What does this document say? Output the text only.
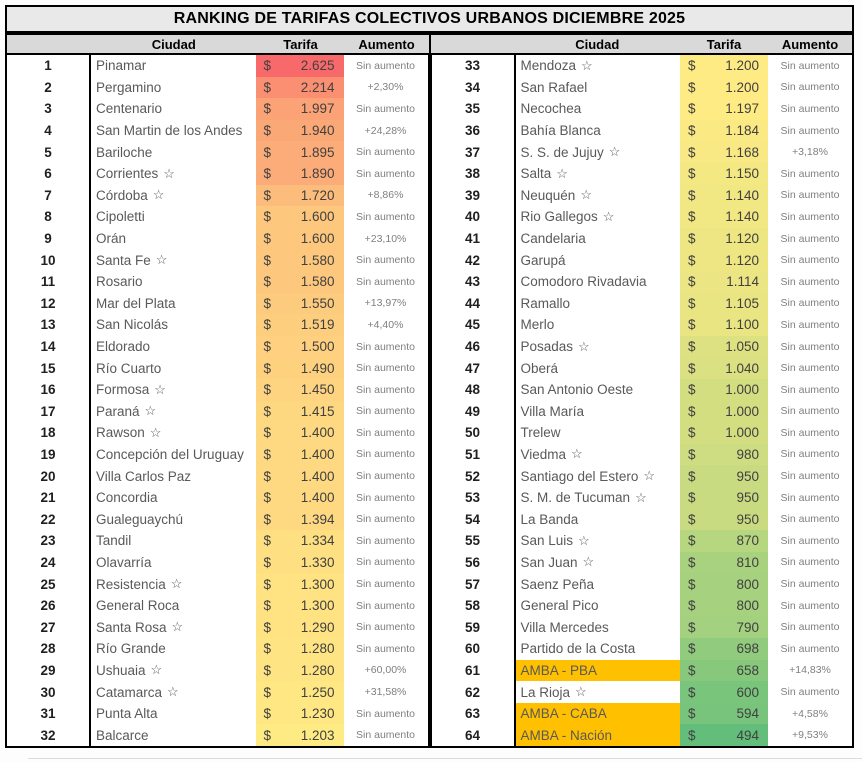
RANKING DE TARIFAS COLECTIVOS URBANOS DICIEMBRE 2025
Ciudad	Tarifa	Aumento	Ciudad	Tarifa	Aumento
1	Pinamar	$ 2.625	Sin aumento
2	Pergamino	$ 2.214	+2,30%
3	Centenario	$ 1.997	Sin aumento
4	San Martin de los Andes $ 1.940	+24,28%
5	Bariloche	$ 1.895	Sin aumento
6	Corrientes ☆	$ 1.890	Sin aumento
7	Córdoba ☆	$ 1.720	+8,86%
8	Cipoletti	$ 1.600	Sin aumento
9	Orán	$ 1.600	+23,10%
10	Santa Fe ☆	$ 1.580	Sin aumento
11	Rosario	$ 1.580	Sin aumento
12	Mar del Plata	$ 1.550	+13,97%
13	San Nicolás	$ 1.519	+4,40%
14	Eldorado	$ 1.500	Sin aumento
15	Río Cuarto	$ 1.490	Sin aumento
16	Formosa ☆	$ 1.450	Sin aumento
17	Paraná ☆	$ 1.415	Sin aumento
18	Rawson ☆	$ 1.400	Sin aumento
19	Concepción del Uruguay $ 1.400	Sin aumento
20	Villa Carlos Paz	$ 1.400	Sin aumento
21	Concordia	$ 1.400	Sin aumento
22	Gualeguaychú	$ 1.394	Sin aumento
23	Tandil	$ 1.334	Sin aumento
24	Olavarría	$ 1.330	Sin aumento
25	Resistencia ☆	$ 1.300	Sin aumento
26	General Roca	$ 1.300	Sin aumento
27	Santa Rosa ☆	$ 1.290	Sin aumento
28	Río Grande	$ 1.280	Sin aumento
29	Ushuaia ☆	$ 1.280	+60,00%
30	Catamarca ☆	$ 1.250	+31,58%
31	Punta Alta	$ 1.230	Sin aumento
32	Balcarce	$ 1.203	Sin aumento
33	Mendoza ☆	$ 1.200	Sin aumento
34	San Rafael	$ 1.200	Sin aumento
35	Necochea	$ 1.197	Sin aumento
36	Bahía Blanca	$ 1.184	Sin aumento
37	S. S. de Jujuy ☆	$ 1.168	+3,18%
38	Salta ☆	$ 1.150	Sin aumento
39	Neuquén ☆	$ 1.140	Sin aumento
40	Rio Gallegos ☆	$ 1.140	Sin aumento
41	Candelaria	$ 1.120	Sin aumento
42	Garupá	$ 1.120	Sin aumento
43	Comodoro Rivadavia	$ 1.114	Sin aumento
44	Ramallo	$ 1.105	Sin aumento
45	Merlo	$ 1.100	Sin aumento
46	Posadas ☆	$ 1.050	Sin aumento
47	Oberá	$ 1.040	Sin aumento
48	San Antonio Oeste	$ 1.000	Sin aumento
49	Villa María	$ 1.000	Sin aumento
50	Trelew	$ 1.000	Sin aumento
51	Viedma ☆	$	980	Sin aumento
52	Santiago del Estero ☆ $	950	Sin aumento
53	S. M. de Tucuman ☆	$	950	Sin aumento
54	La Banda	$	950	Sin aumento
55	San Luis ☆	$	870	Sin aumento
56	San Juan ☆	$	810	Sin aumento
57	Saenz Peña	$	800	Sin aumento
58	General Pico	$	800	Sin aumento
59	Villa Mercedes	$	790	Sin aumento
60	Partido de la Costa	$	698	Sin aumento
61	AMBA - PBA	$	658	+14,83%
62	La Rioja ☆	$	600	Sin aumento
63	AMBA - CABA	$	594	+4,58%
64	AMBA - Nación	$	494	+9,53%
